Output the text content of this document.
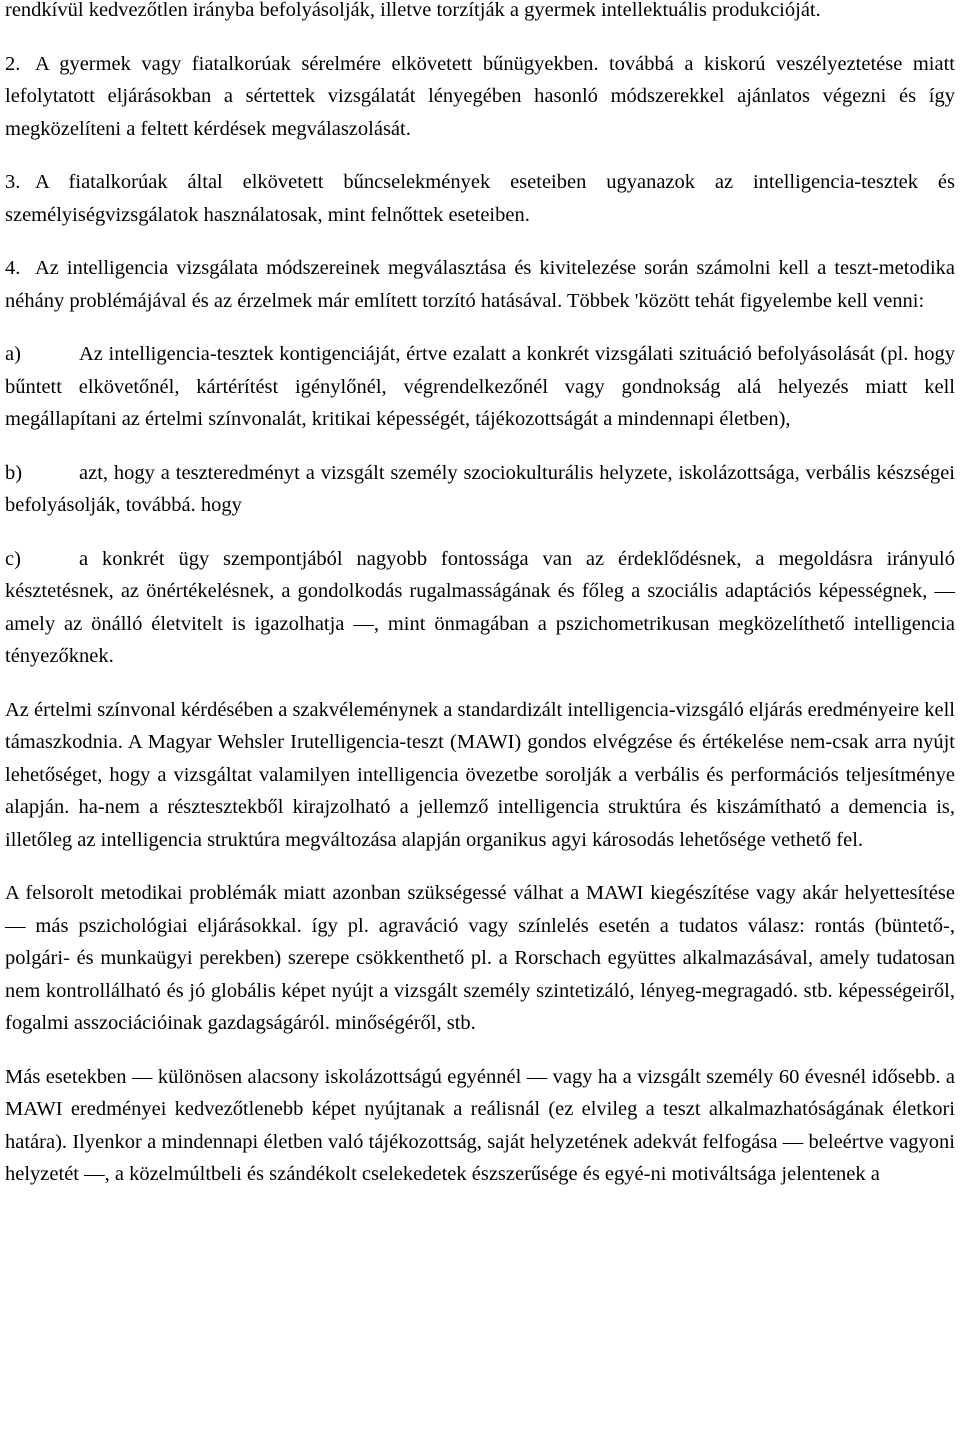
rendkívül kedvezőtlen irányba befolyásolják, illetve torzítják a gyermek intellektuális produkcióját.

2. A gyermek vagy fiatalkorúak sérelmére elkövetett bűnügyekben. továbbá a kiskorú veszélyeztetése miatt lefolytatott eljárásokban a sértettek vizsgálatát lényegében hasonló módszerekkel ajánlatos végezni és így megközelíteni a feltett kérdések megválaszolását.

3. A fiatalkorúak által elkövetett bűncselekmények eseteiben ugyanazok az intelligencia-tesztek és személyiségvizsgálatok használatosak, mint felnőttek eseteiben.

4. Az intelligencia vizsgálata módszereinek megválasztása és kivitelezése során számolni kell a teszt-metodika néhány problémájával és az érzelmek már említett torzító hatásával. Többek 'között tehát figyelembe kell venni:

a)	Az intelligencia-tesztek kontigenciáját, értve ezalatt a konkrét vizsgálati szituáció befolyásolását (pl. hogy bűntett elkövetőnél, kártérítést igénylőnél, végrendelkezőnél vagy gondnokság alá helyezés miatt kell megállapítani az értelmi színvonalát, kritikai képességét, tájékozottságát a mindennapi életben),

b)	azt, hogy a teszteredményt a vizsgált személy szociokulturális helyzete, iskolázottsága, verbális készségei befolyásolják, továbbá. hogy

c)	a konkrét ügy szempontjából nagyobb fontossága van az érdeklődésnek, a megoldásra irányuló késztetésnek, az önértékelésnek, a gondolkodás rugalmasságának és főleg a szociális adaptációs képességnek, — amely az önálló életvitelt is igazolhatja —, mint önmagában a pszichometrikusan megközelíthető intelligencia tényezőknek.

Az értelmi színvonal kérdésében a szakvéleménynek a standardizált intelligencia-vizsgáló eljárás eredményeire kell támaszkodnia. A Magyar Wehsler Irutelligencia-teszt (MAWI) gondos elvégzése és értékelése nem-csak arra nyújt lehetőséget, hogy a vizsgáltat valamilyen intelligencia övezetbe sorolják a verbális és performációs teljesítménye alapján. ha-nem a résztesztekből kirajzolható a jellemző intelligencia struktúra és kiszámítható a demencia is, illetőleg az intelligencia struktúra megváltozása alapján organikus agyi károsodás lehetősége vethető fel.

A felsorolt metodikai problémák miatt azonban szükségessé válhat a MAWI kiegészítése vagy akár helyettesítése — más pszichológiai eljárásokkal. így pl. agraváció vagy színlelés esetén a tudatos válasz: rontás (büntető-, polgári- és munkaügyi perekben) szerepe csökkenthető pl. a Rorschach együttes alkalmazásával, amely tudatosan nem kontrollálható és jó globális képet nyújt a vizsgált személy szintetizáló, lényeg-megragadó. stb. képességeiről, fogalmi asszociációinak gazdagságáról. minőségéről, stb.

Más esetekben — különösen alacsony iskolázottságú egyénnél — vagy ha a vizsgált személy 60 évesnél idősebb. a MAWI eredményei kedvezőtlenebb képet nyújtanak a reálisnál (ez elvileg a teszt alkalmazhatóságának életkori határa). Ilyenkor a mindennapi életben való tájékozottság, saját helyzetének adekvát felfogása — beleértve vagyoni helyzetét —, a közelmúltbeli és szándékolt cselekedetek észszerűsége és egyé-ni motiváltsága jelentenek a
